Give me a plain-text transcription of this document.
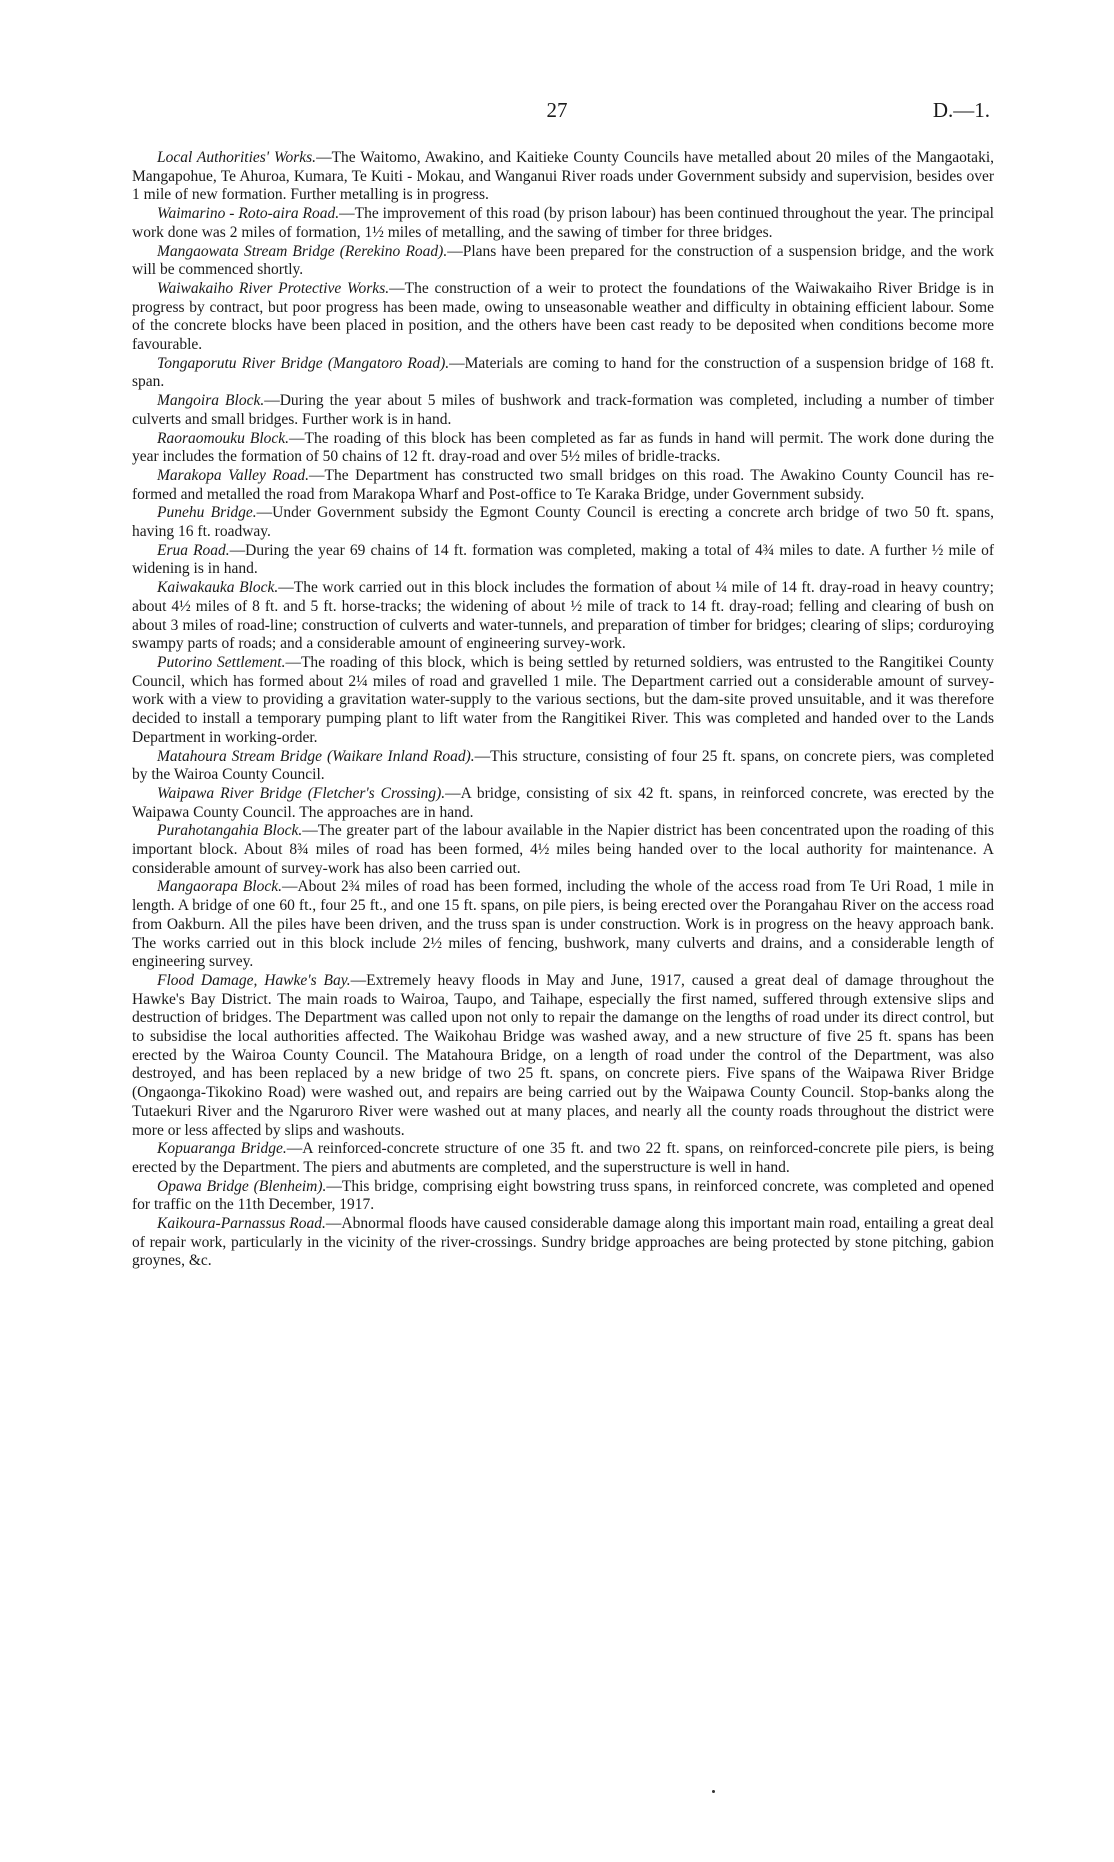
27	D.—1.

Local Authorities' Works.—The Waitomo, Awakino, and Kaitieke County Councils have metalled about 20 miles of the Mangaotaki, Mangapohue, Te Ahuroa, Kumara, Te Kuiti - Mokau, and Wanganui River roads under Government subsidy and supervision, besides over 1 mile of new formation. Further metalling is in progress.

Waimarino - Roto-aira Road.—The improvement of this road (by prison labour) has been continued throughout the year. The principal work done was 2 miles of formation, 1½ miles of metalling, and the sawing of timber for three bridges.

Mangaowata Stream Bridge (Rerekino Road).—Plans have been prepared for the construction of a suspension bridge, and the work will be commenced shortly.

Waiwakaiho River Protective Works.—The construction of a weir to protect the foundations of the Waiwakaiho River Bridge is in progress by contract, but poor progress has been made, owing to unseasonable weather and difficulty in obtaining efficient labour. Some of the concrete blocks have been placed in position, and the others have been cast ready to be deposited when conditions become more favourable.

Tongaporutu River Bridge (Mangatoro Road).—Materials are coming to hand for the construction of a suspension bridge of 168 ft. span.

Mangoira Block.—During the year about 5 miles of bushwork and track-formation was completed, including a number of timber culverts and small bridges. Further work is in hand.

Raoraomouku Block.—The roading of this block has been completed as far as funds in hand will permit. The work done during the year includes the formation of 50 chains of 12 ft. dray-road and over 5½ miles of bridle-tracks.

Marakopa Valley Road.—The Department has constructed two small bridges on this road. The Awakino County Council has re-formed and metalled the road from Marakopa Wharf and Post-office to Te Karaka Bridge, under Government subsidy.

Punehu Bridge.—Under Government subsidy the Egmont County Council is erecting a concrete arch bridge of two 50 ft. spans, having 16 ft. roadway.

Erua Road.—During the year 69 chains of 14 ft. formation was completed, making a total of 4¾ miles to date. A further ½ mile of widening is in hand.

Kaiwakauka Block.—The work carried out in this block includes the formation of about ¼ mile of 14 ft. dray-road in heavy country; about 4½ miles of 8 ft. and 5 ft. horse-tracks; the widening of about ½ mile of track to 14 ft. dray-road; felling and clearing of bush on about 3 miles of road-line; construction of culverts and water-tunnels, and preparation of timber for bridges; clearing of slips; corduroying swampy parts of roads; and a considerable amount of engineering survey-work.

Putorino Settlement.—The roading of this block, which is being settled by returned soldiers, was entrusted to the Rangitikei County Council, which has formed about 2¼ miles of road and gravelled 1 mile. The Department carried out a considerable amount of survey-work with a view to providing a gravitation water-supply to the various sections, but the dam-site proved unsuitable, and it was therefore decided to install a temporary pumping plant to lift water from the Rangitikei River. This was completed and handed over to the Lands Department in working-order.

Matahoura Stream Bridge (Waikare Inland Road).—This structure, consisting of four 25 ft. spans, on concrete piers, was completed by the Wairoa County Council.

Waipawa River Bridge (Fletcher's Crossing).—A bridge, consisting of six 42 ft. spans, in reinforced concrete, was erected by the Waipawa County Council. The approaches are in hand.

Purahotangahia Block.—The greater part of the labour available in the Napier district has been concentrated upon the roading of this important block. About 8¾ miles of road has been formed, 4½ miles being handed over to the local authority for maintenance. A considerable amount of survey-work has also been carried out.

Mangaorapa Block.—About 2¾ miles of road has been formed, including the whole of the access road from Te Uri Road, 1 mile in length. A bridge of one 60 ft., four 25 ft., and one 15 ft. spans, on pile piers, is being erected over the Porangahau River on the access road from Oakburn. All the piles have been driven, and the truss span is under construction. Work is in progress on the heavy approach bank. The works carried out in this block include 2½ miles of fencing, bushwork, many culverts and drains, and a considerable length of engineering survey.

Flood Damage, Hawke's Bay.—Extremely heavy floods in May and June, 1917, caused a great deal of damage throughout the Hawke's Bay District. The main roads to Wairoa, Taupo, and Taihape, especially the first named, suffered through extensive slips and destruction of bridges. The Department was called upon not only to repair the damange on the lengths of road under its direct control, but to subsidise the local authorities affected. The Waikohau Bridge was washed away, and a new structure of five 25 ft. spans has been erected by the Wairoa County Council. The Matahoura Bridge, on a length of road under the control of the Department, was also destroyed, and has been replaced by a new bridge of two 25 ft. spans, on concrete piers. Five spans of the Waipawa River Bridge (Ongaonga-Tikokino Road) were washed out, and repairs are being carried out by the Waipawa County Council. Stop-banks along the Tutaekuri River and the Ngaruroro River were washed out at many places, and nearly all the county roads throughout the district were more or less affected by slips and washouts.

Kopuaranga Bridge.—A reinforced-concrete structure of one 35 ft. and two 22 ft. spans, on reinforced-concrete pile piers, is being erected by the Department. The piers and abutments are completed, and the superstructure is well in hand.

Opawa Bridge (Blenheim).—This bridge, comprising eight bowstring truss spans, in reinforced concrete, was completed and opened for traffic on the 11th December, 1917.

Kaikoura-Parnassus Road.—Abnormal floods have caused considerable damage along this important main road, entailing a great deal of repair work, particularly in the vicinity of the river-crossings. Sundry bridge approaches are being protected by stone pitching, gabion groynes, &c.
